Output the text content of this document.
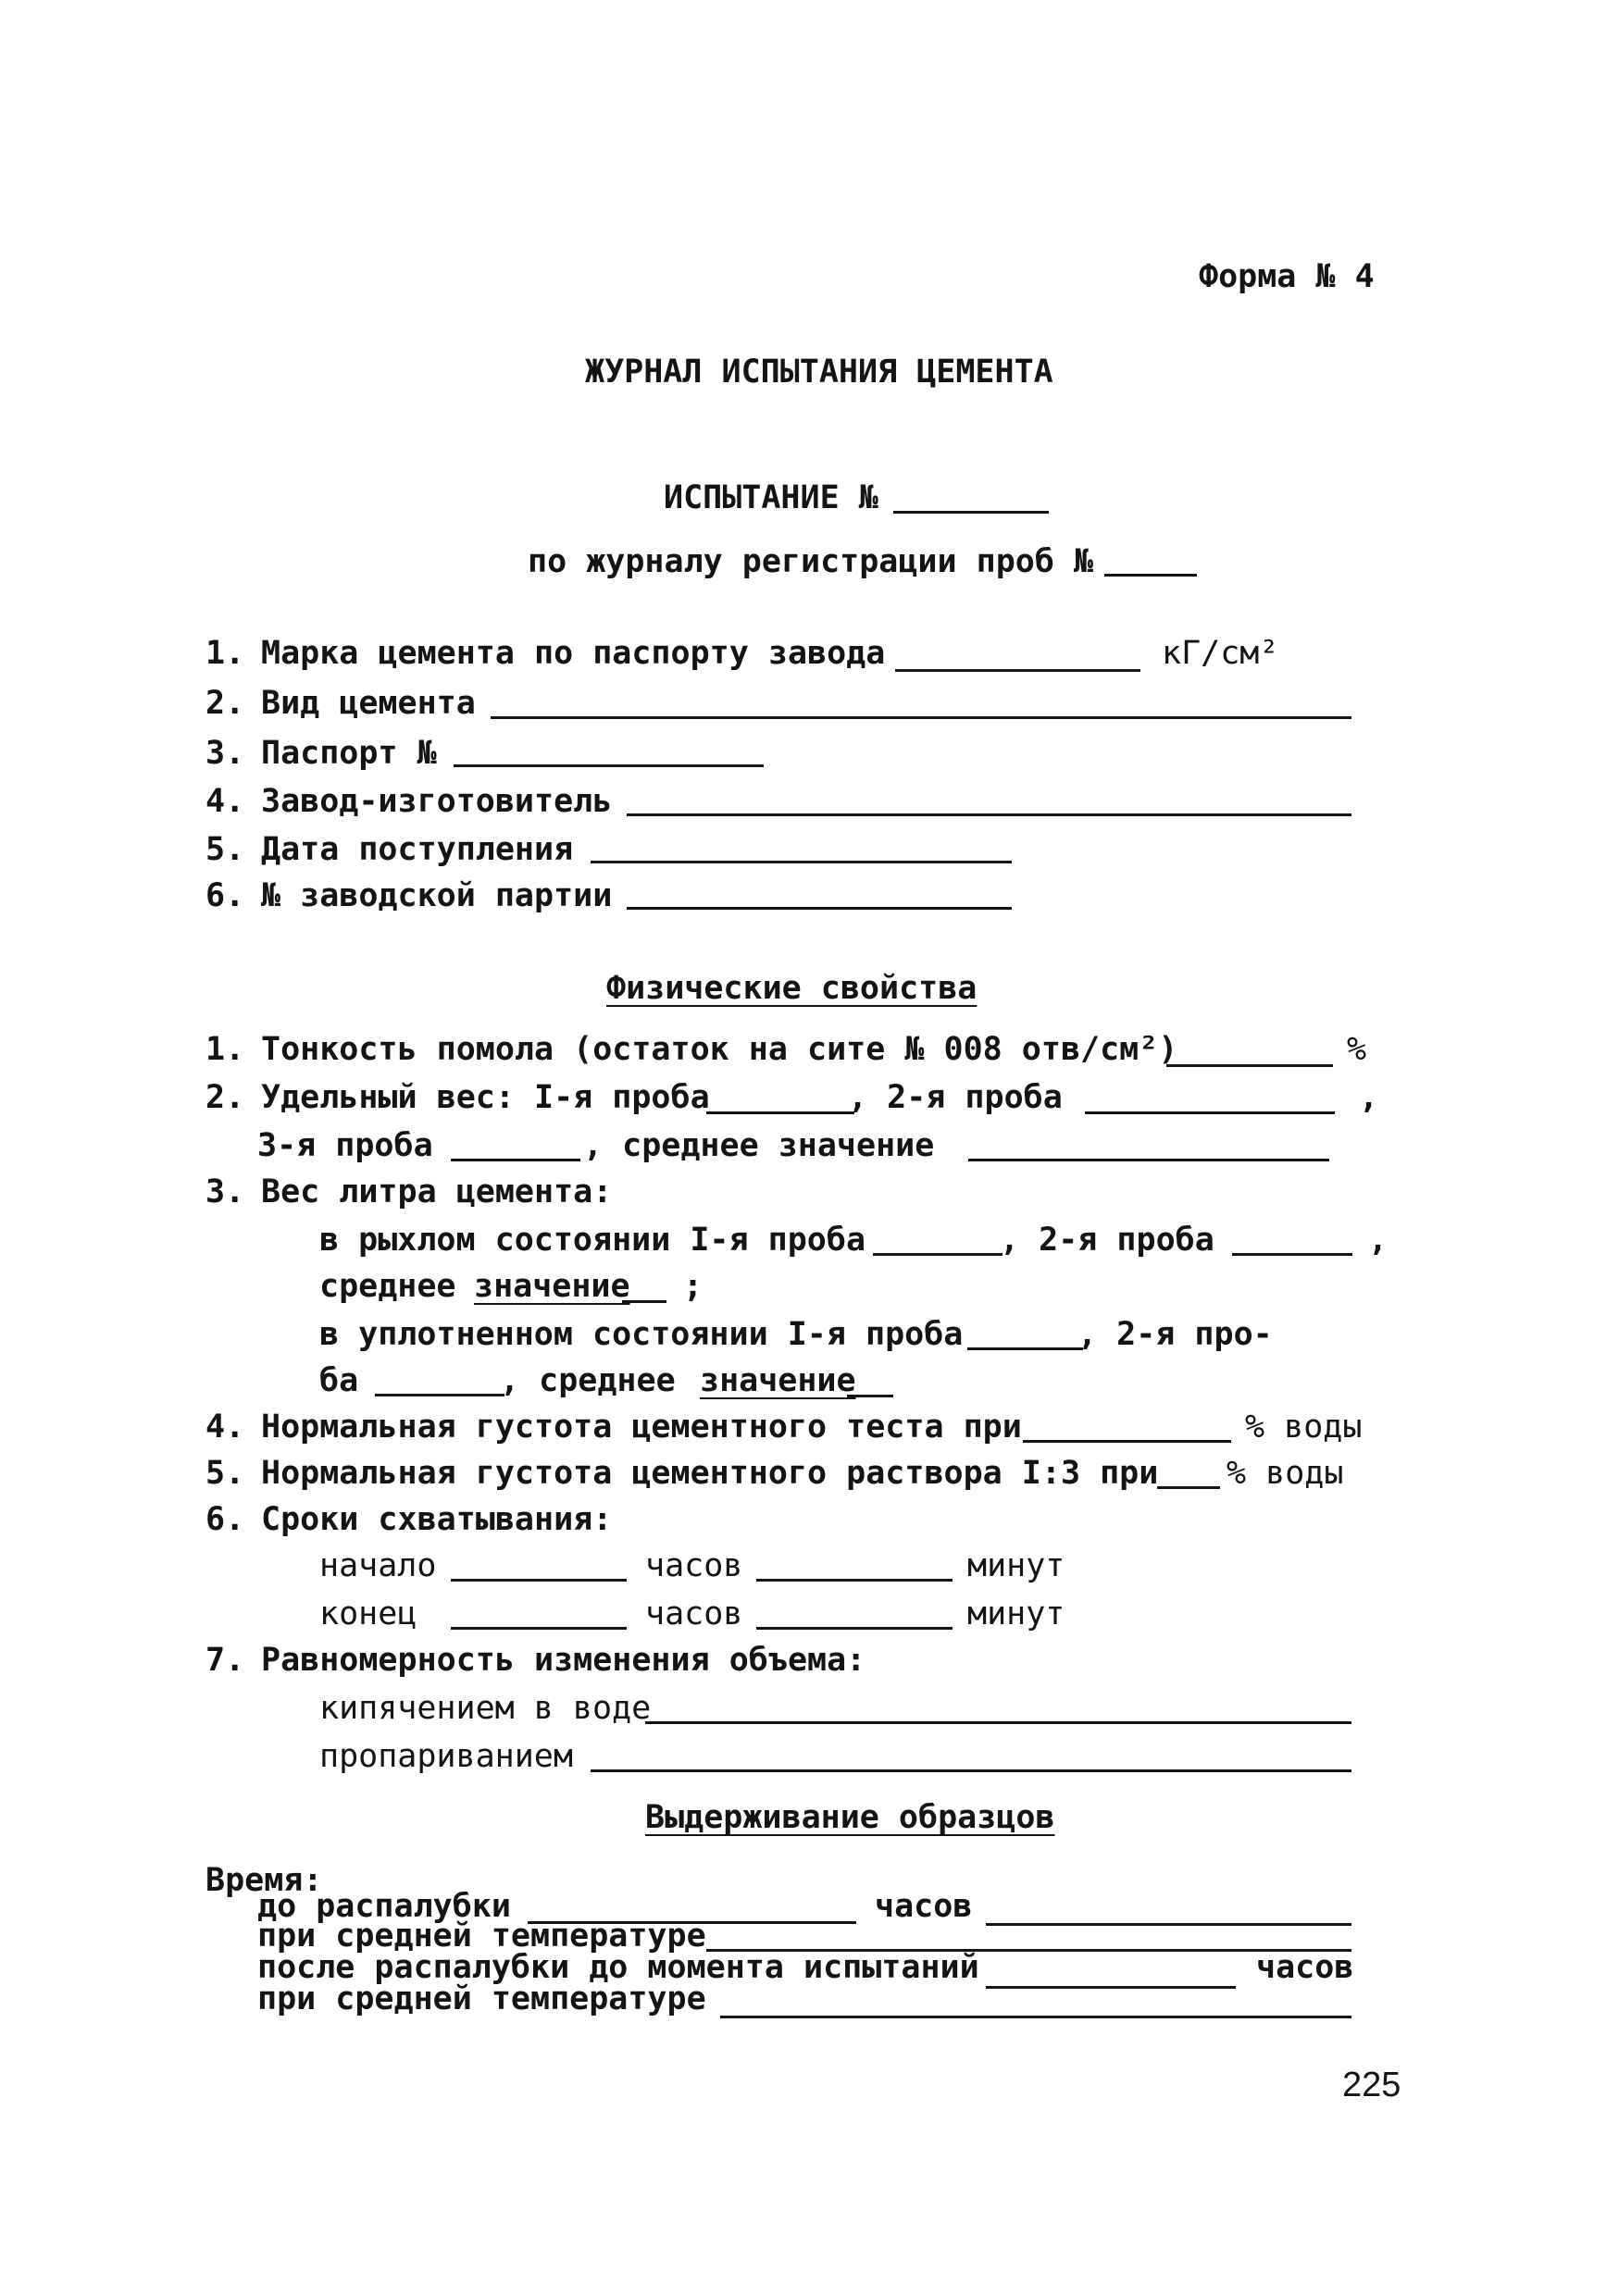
Форма № 4
ЖУРНАЛ ИСПЫТАНИЯ ЦЕМЕНТА
ИСПЫТАНИЕ №
по журналу регистрации проб №
1. Марка цемента по паспорту завода	кГ/см²
2. Вид цемента
3. Паспорт №
4. Завод-изготовитель
5. Дата поступления
6. № заводской партии
Физические свойства
1. Тонкость помола (остаток на сите № 008 отв/см²)	%
2. Удельный вес: I-я проба	, 2-я проба	,
3-я проба	, среднее значение
3. Вес литра цемента:
в рыхлом состоянии I-я проба	, 2-я проба	,
среднее значение ;
в уплотненном состоянии I-я проба	, 2-я про-
ба	, среднее значение
4. Нормальная густота цементного теста при	% воды
5. Нормальная густота цементного раствора I:3 при % воды
6. Сроки схватывания:
начало	часов	минут
конец	часов	минут
7. Равномерность изменения объема:
кипячением в воде
пропариванием
Выдерживание образцов
Время:
до распалубки	часов
при средней температуре
после распалубки до момента испытаний	часов
при средней температуре
225
